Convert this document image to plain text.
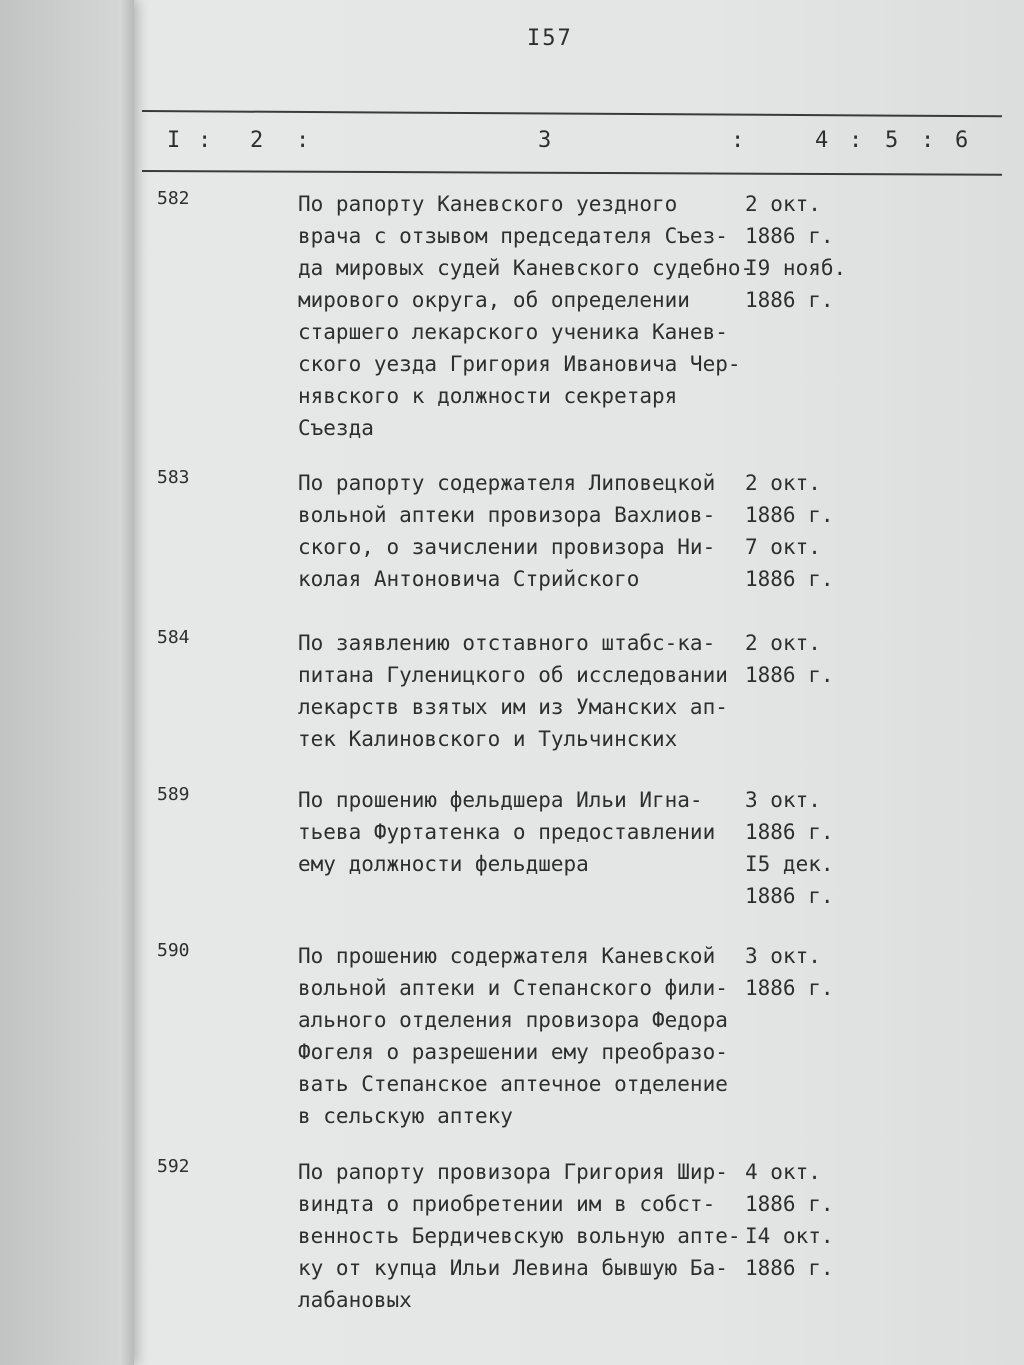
I57
I : 2 :	3	:	4 : 5 : 6
582	По рапорту Каневского уездного
врача с отзывом председателя Съез-
да мировых судей Каневского судебно-
мирового округа, об определении
старшего лекарского ученика Канев-
ского уезда Григория Ивановича Чер-
нявского к должности секретаря
Съезда
2 окт.
1886 г.
I9 нояб.
1886 г.
583	По рапорту содержателя Липовецкой
вольной аптеки провизора Вахлиов-
ского, о зачислении провизора Ни-
колая Антоновича Стрийского
2 окт.
1886 г.
7 окт.
1886 г.
584	По заявлению отставного штабс-ка-
питана Гуленицкого об исследовании
лекарств взятых им из Уманских ап-
тек Калиновского и Тульчинских
2 окт.
1886 г.
589	По прошению фельдшера Ильи Игна-
тьева Фуртатенка о предоставлении
ему должности фельдшера
3 окт.
1886 г.
I5 дек.
1886 г.
590	По прошению содержателя Каневской
вольной аптеки и Степанского фили-
ального отделения провизора Федора
Фогеля о разрешении ему преобразо-
вать Степанское аптечное отделение
в сельскую аптеку
3 окт.
1886 г.
592	По рапорту провизора Григория Шир-
виндта о приобретении им в собст-
венность Бердичевскую вольную апте-
ку от купца Ильи Левина бывшую Ба-
лабановых
4 окт.
1886 г.
I4 окт.
1886 г.
